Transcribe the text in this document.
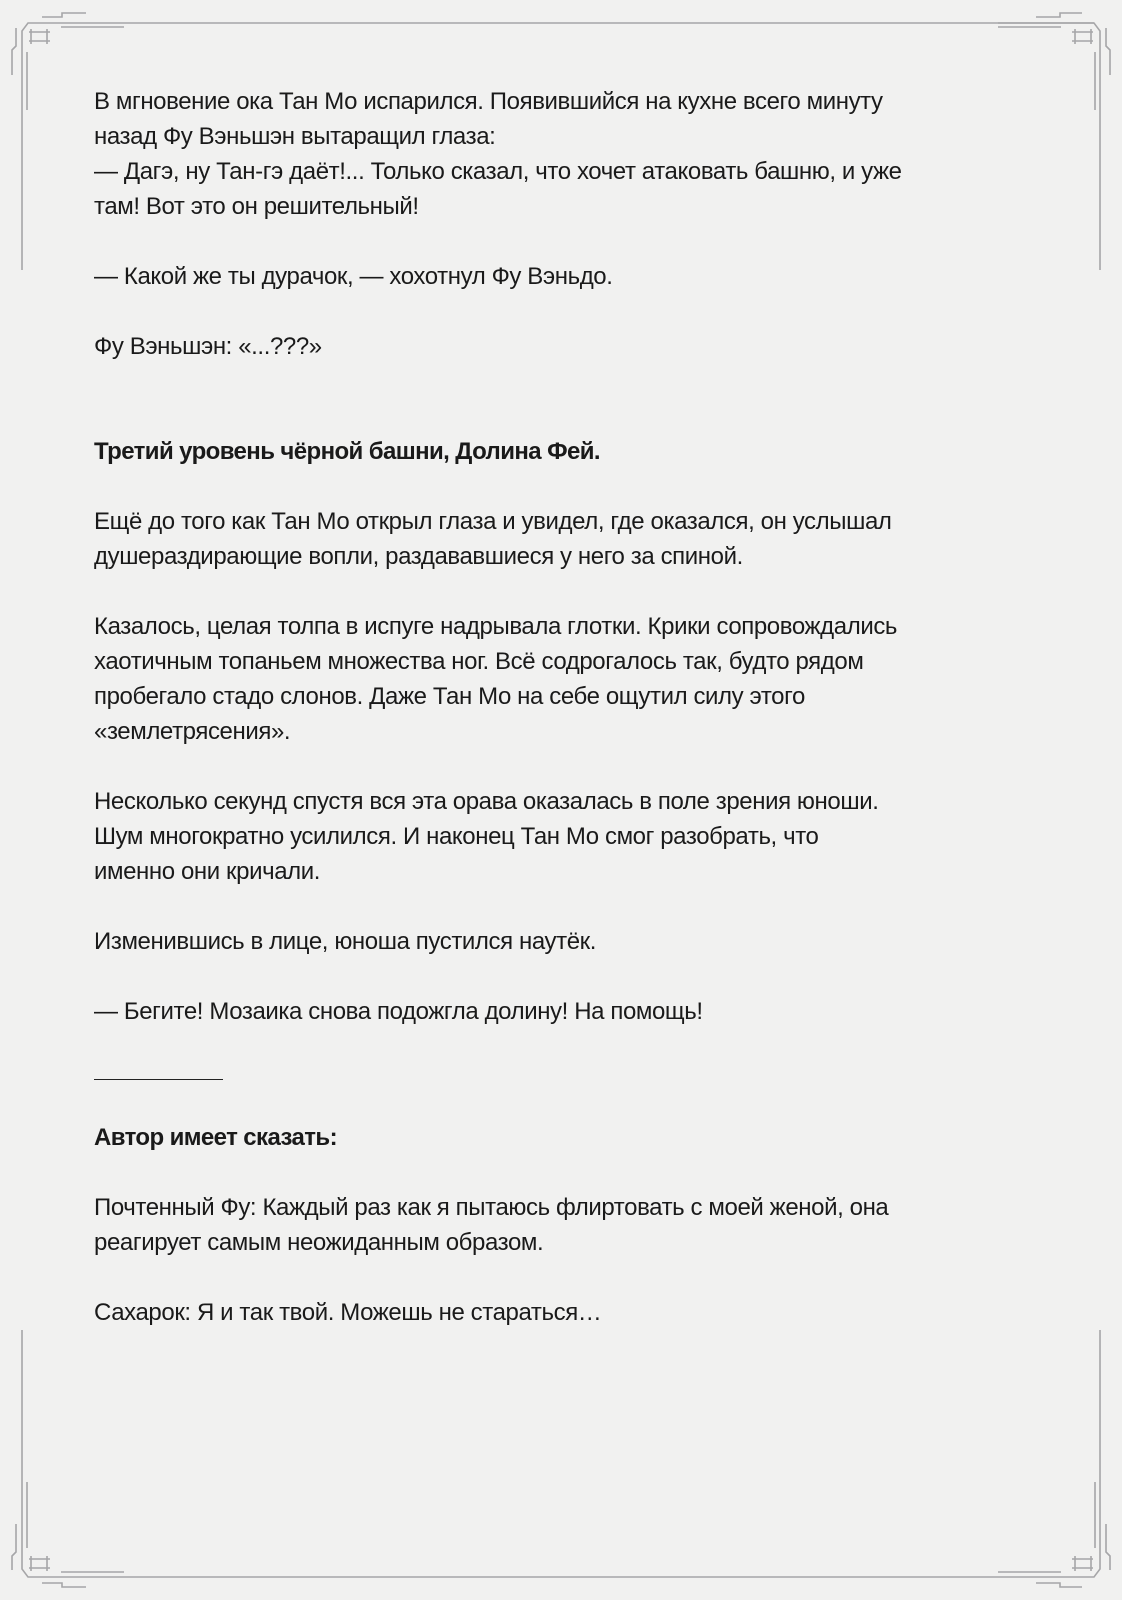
В мгновение ока Тан Мо испарился. Появившийся на кухне всего минуту

назад Фу Вэньшэн вытаращил глаза:

— Дагэ, ну Тан-гэ даёт!... Только сказал, что хочет атаковать башню, и уже

там! Вот это он решительный!

— Какой же ты дурачок, — хохотнул Фу Вэньдо.

Фу Вэньшэн: «...???»

Третий уровень чёрной башни, Долина Фей.

Ещё до того как Тан Мо открыл глаза и увидел, где оказался, он услышал

душераздирающие вопли, раздававшиеся у него за спиной.

Казалось, целая толпа в испуге надрывала глотки. Крики сопровождались

хаотичным топаньем множества ног. Всё содрогалось так, будто рядом

пробегало стадо слонов. Даже Тан Мо на себе ощутил силу этого

«землетрясения».

Несколько секунд спустя вся эта орава оказалась в поле зрения юноши.

Шум многократно усилился. И наконец Тан Мо смог разобрать, что

именно они кричали.

Изменившись в лице, юноша пустился наутёк.

— Бегите! Мозаика снова подожгла долину! На помощь!

Автор имеет сказать:

Почтенный Фу: Каждый раз как я пытаюсь флиртовать с моей женой, она

реагирует самым неожиданным образом.

Сахарок: Я и так твой. Можешь не стараться…
